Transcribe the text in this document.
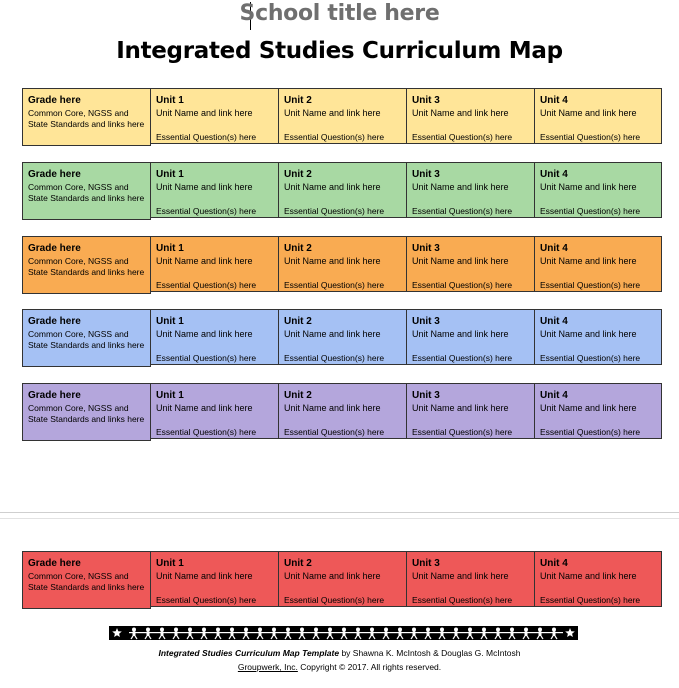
School title here
Integrated Studies Curriculum Map
Grade here
Common Core, NGSS and State Standards and links here
Unit 1
Unit Name and link here
Essential Question(s) here
Unit 2
Unit Name and link here
Essential Question(s) here
Unit 3
Unit Name and link here
Essential Question(s) here
Unit 4
Unit Name and link here
Essential Question(s) here
Grade here
Common Core, NGSS and State Standards and links here
Unit 1
Unit Name and link here
Essential Question(s) here
Unit 2
Unit Name and link here
Essential Question(s) here
Unit 3
Unit Name and link here
Essential Question(s) here
Unit 4
Unit Name and link here
Essential Question(s) here
Grade here
Common Core, NGSS and State Standards and links here
Unit 1
Unit Name and link here
Essential Question(s) here
Unit 2
Unit Name and link here
Essential Question(s) here
Unit 3
Unit Name and link here
Essential Question(s) here
Unit 4
Unit Name and link here
Essential Question(s) here
Grade here
Common Core, NGSS and State Standards and links here
Unit 1
Unit Name and link here
Essential Question(s) here
Unit 2
Unit Name and link here
Essential Question(s) here
Unit 3
Unit Name and link here
Essential Question(s) here
Unit 4
Unit Name and link here
Essential Question(s) here
Grade here
Common Core, NGSS and State Standards and links here
Unit 1
Unit Name and link here
Essential Question(s) here
Unit 2
Unit Name and link here
Essential Question(s) here
Unit 3
Unit Name and link here
Essential Question(s) here
Unit 4
Unit Name and link here
Essential Question(s) here
Grade here
Common Core, NGSS and State Standards and links here
Unit 1
Unit Name and link here
Essential Question(s) here
Unit 2
Unit Name and link here
Essential Question(s) here
Unit 3
Unit Name and link here
Essential Question(s) here
Unit 4
Unit Name and link here
Essential Question(s) here
Integrated Studies Curriculum Map Template by Shawna K. McIntosh & Douglas G. McIntosh
Groupwerk, Inc. Copyright © 2017. All rights reserved.
